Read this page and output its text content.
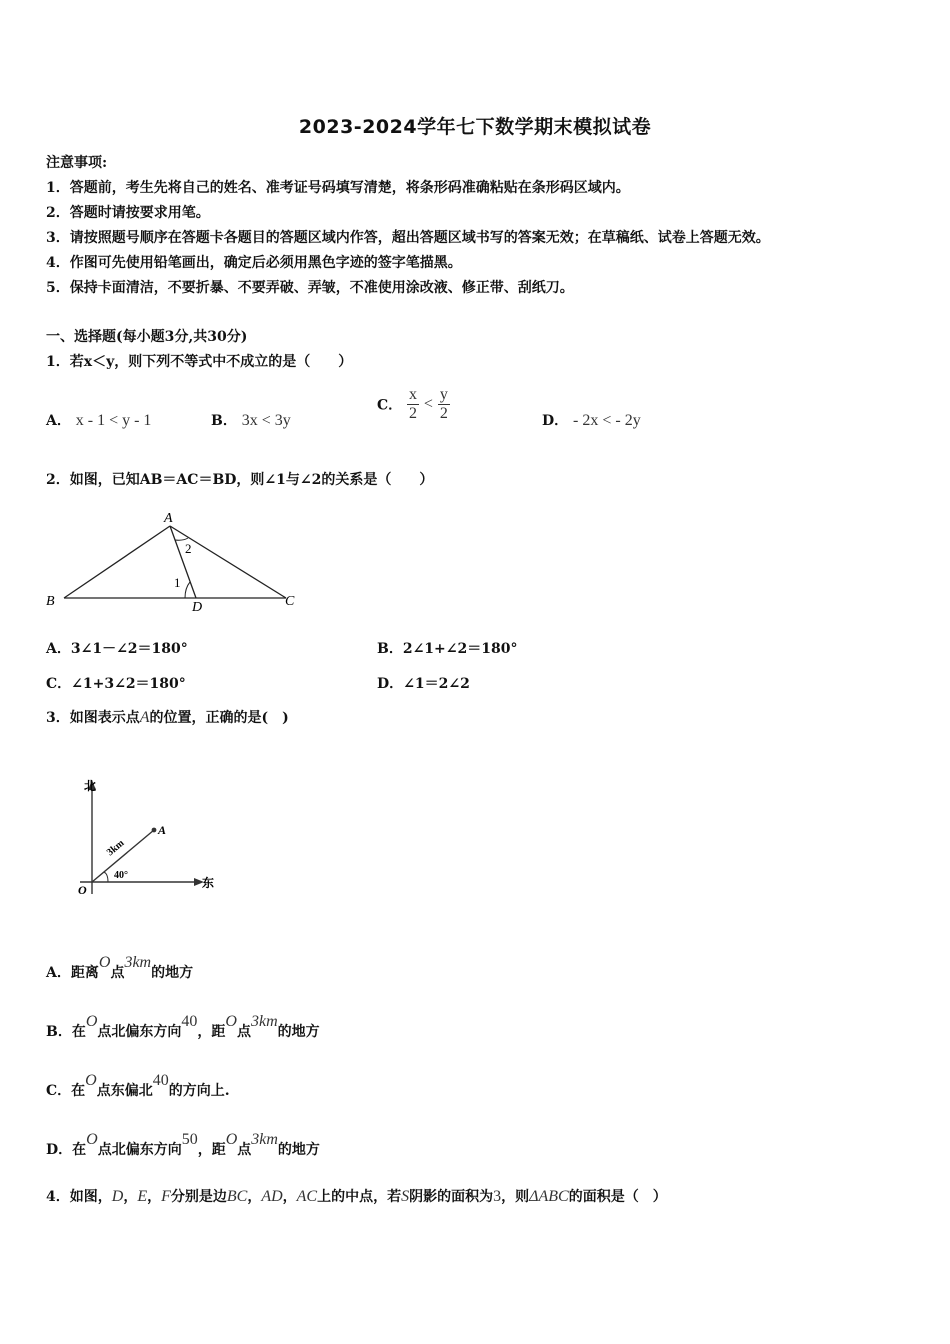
2023-2024学年七下数学期末模拟试卷
注意事项:
1．答题前，考生先将自己的姓名、准考证号码填写清楚，将条形码准确粘贴在条形码区域内。
2．答题时请按要求用笔。
3．请按照题号顺序在答题卡各题目的答题区域内作答，超出答题区域书写的答案无效；在草稿纸、试卷上答题无效。
4．作图可先使用铅笔画出，确定后必须用黑色字迹的签字笔描黑。
5．保持卡面清洁，不要折暴、不要弄破、弄皱，不准使用涂改液、修正带、刮纸刀。
一、选择题(每小题3分,共30分)
1．若x＜y，则下列不等式中不成立的是（　　）
A． x - 1 < y - 1	B． 3x < 3y
C． $\frac{x}{2} < \frac{y}{2}$	D． - 2x < - 2y
2．如图，已知AB＝AC＝BD，则∠1与∠2的关系是（　　）
A
B	C
D
1
2
A．3∠1－∠2＝180°	B．2∠1+∠2＝180°
C．∠1+3∠2＝180°	D．∠1＝2∠2
3．如图表示点A的位置，正确的是(　)
北
东
O
A
3km
40°
A．距离O点3km的地方
B．在O点北偏东方向40，距O点3km的地方
C．在O点东偏北40的方向上.
D．在O点北偏东方向50，距O点3km的地方
4．如图，D，E，F分别是边BC，AD，AC上的中点，若S阴影的面积为3，则ΔABC的面积是（　）
